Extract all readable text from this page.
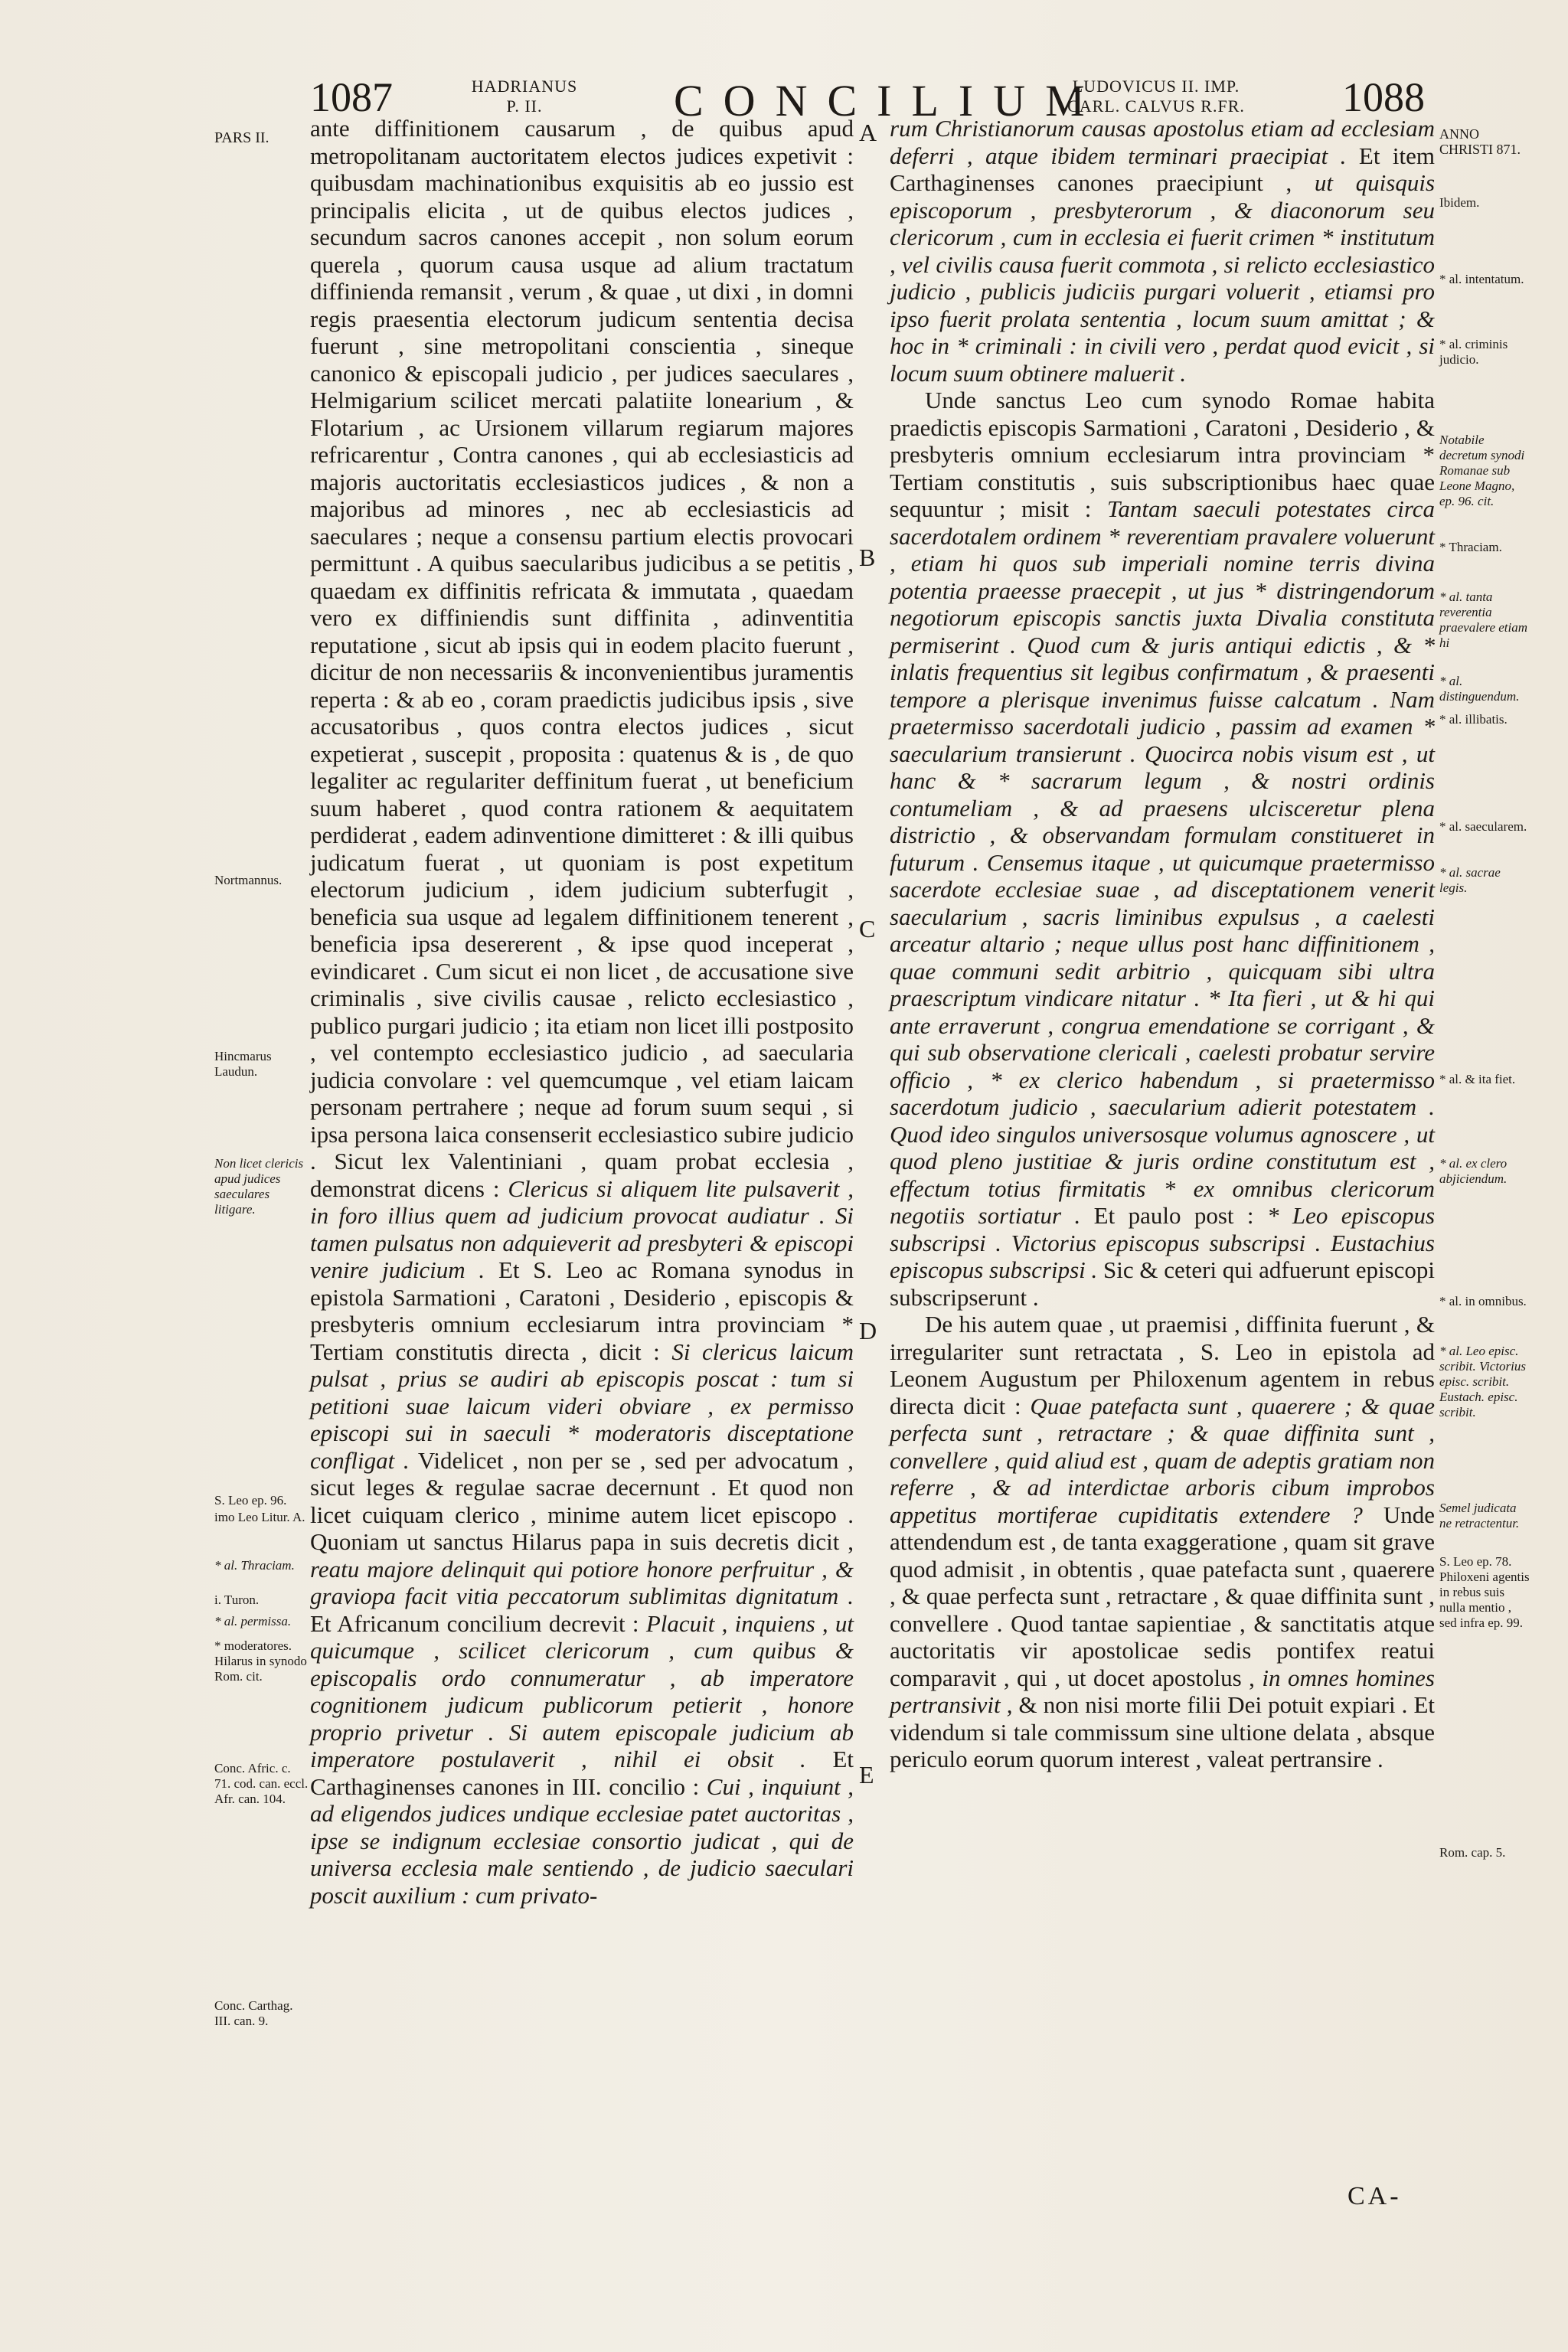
1087	HADRIANUS P. II.	CONCILIUM
LUDOVICUS II. IMP. CARL. CALVUS R.FR.	1088

ante diffinitionem causarum , de quibus apud metropolitanam auctoritatem electos judices expetivit : quibusdam machinationibus exquisitis ab eo jussio est principalis elicita , ut de quibus electos judices , secundum sacros canones accepit , non solum eorum querela , quorum causa usque ad alium tractatum diffinienda remansit , verum , & quae , ut dixi , in domni regis praesentia electorum judicum sententia decisa fuerunt , sine metropolitani conscientia , sineque canonico & episcopali judicio , per judices saeculares , Helmigarium scilicet mercati palatiite lonearium , & Flotarium , ac Ursionem villarum regiarum majores refricarentur , Contra canones , qui ab ecclesiasticis ad majoris auctoritatis ecclesiasticos judices , & non a majoribus ad minores , nec ab ecclesiasticis ad saeculares ; neque a consensu partium electis provocari permittunt . A quibus saecularibus judicibus a se petitis , quaedam ex diffinitis refricata & immutata , quaedam vero ex diffiniendis sunt diffinita , adinventitia reputatione , sicut ab ipsis qui in eodem placito fuerunt , dicitur de non necessariis & inconvenientibus juramentis reperta : & ab eo , coram praedictis judicibus ipsis , sive accusatoribus , quos contra electos judices , sicut expetierat , suscepit , proposita : quatenus & is , de quo legaliter ac regulariter deffinitum fuerat , ut beneficium suum haberet , quod contra rationem & aequitatem perdiderat , eadem adinventione dimitteret : & illi quibus judicatum fuerat , ut quoniam is post expetitum electorum judicium , idem judicium subterfugit , beneficia sua usque ad legalem diffinitionem tenerent , beneficia ipsa desererent , & ipse quod inceperat , evindicaret . Cum sicut ei non licet , de accusatione sive criminalis , sive civilis causae , relicto ecclesiastico , publico purgari judicio ; ita etiam non licet illi postposito , vel contempto ecclesiastico judicio , ad saecularia judicia convolare : vel quemcumque , vel etiam laicam personam pertrahere ; neque ad forum suum sequi , si ipsa persona laica consenserit ecclesiastico subire judicio . Sicut lex Valentiniani , quam probat ecclesia , demonstrat dicens : Clericus si aliquem lite pulsaverit , in foro illius quem ad judicium provocat audiatur . Si tamen pulsatus non adquieverit ad presbyteri & episcopi venire judicium . Et S. Leo ac Romana synodus in epistola Sarmationi , Caratoni , Desiderio , episcopis & presbyteris omnium ecclesiarum intra provinciam * Tertiam constitutis directa , dicit : Si clericus laicum pulsat , prius se audiri ab episcopis poscat : tum si petitioni suae laicum videri obviare , ex permisso episcopi sui in saeculi * moderatoris disceptatione confligat . Videlicet , non per se , sed per advocatum , sicut leges & regulae sacrae decernunt . Et quod non licet cuiquam clerico , minime autem licet episcopo . Quoniam ut sanctus Hilarus papa in suis decretis dicit , reatu majore delinquit qui potiore honore perfruitur , & gravioра facit vitia peccatorum sublimitas dignitatum . Et Africanum concilium decrevit : Placuit , inquiens , ut quicumque , scilicet clericorum , cum quibus & episcopalis ordo connumeratur , ab imperatore cognitionem judicum publicorum petierit , honore proprio privetur . Si autem episcopale judicium ab imperatore postulaverit , nihil ei obsit . Et Carthaginenses canones in III. concilio : Cui , inquiunt , ad eligendos judices undique ecclesiae patet auctoritas , ipse se indignum ecclesiae consortio judicat , qui de universa ecclesia male sentiendo , de judicio saeculari poscit auxilium : cum privato-

rum Christianorum causas apostolus etiam ad ecclesiam deferri , atque ibidem terminari praecipiat . Et item Carthaginenses canones praecipiunt , ut quisquis episcoporum , presbyterorum , & diaconorum seu clericorum , cum in ecclesia ei fuerit crimen * institutum , vel civilis causa fuerit commota , si relicto ecclesiastico judicio , publicis judiciis purgari voluerit , etiamsi pro ipso fuerit prolata sententia , locum suum amittat ; & hoc in * criminali : in civili vero , perdat quod evicit , si locum suum obtinere maluerit .

Unde sanctus Leo cum synodo Romae habita praedictis episcopis Sarmationi , Caratoni , Desiderio , & presbyteris omnium ecclesiarum intra provinciam * Tertiam constitutis , suis subscriptionibus haec quae sequuntur ; misit : Tantam saeculi potestates circa sacerdotalem ordinem * reverentiam pravalere voluerunt , etiam hi quos sub imperiali nomine terris divina potentia praeesse praecepit , ut jus * distringendorum negotiorum episcopis sanctis juxta Divalia constituta permiserint . Quod cum & juris antiqui edictis , & * inlatis frequentius sit legibus confirmatum , & praesenti tempore a plerisque invenimus fuisse calcatum . Nam praetermisso sacerdotali judicio , passim ad examen * saecularium transierunt . Quocirca nobis visum est , ut hanc & * sacrarum legum , & nostri ordinis contumeliam , & ad praesens ulcisceretur plena districtio , & observandam formulam constitueret in futurum . Censemus itaque , ut quicumque praetermisso sacerdote ecclesiae suae , ad disceptationem venerit saecularium , sacris liminibus expulsus , a caelesti arceatur altario ; neque ullus post hanc diffinitionem , quae communi sedit arbitrio , quicquam sibi ultra praescriptum vindicare nitatur . * Ita fieri , ut & hi qui ante erraverunt , congrua emendatione se corrigant , & qui sub observatione clericali , caelesti probatur servire officio , * ex clerico habendum , si praetermisso sacerdotum judicio , saecularium adierit potestatem . Quod ideo singulos universosque volumus agnoscere , ut quod pleno justitiae & juris ordine constitutum est , effectum totius firmitatis * ex omnibus clericorum negotiis sortiatur . Et paulo post : * Leo episcopus subscripsi . Victorius episcopus subscripsi . Eustachius episcopus subscripsi . Sic & ceteri qui adfuerunt episcopi subscripserunt .

De his autem quae , ut praemisi , diffinita fuerunt , & irregulariter sunt retractata , S. Leo in epistola ad Leonem Augustum per Philoxenum agentem in rebus directa dicit : Quae patefacta sunt , quaerere ; & quae perfecta sunt , retractare ; & quae diffinita sunt , convellere , quid aliud est , quam de adeptis gratiam non referre , & ad interdictae arboris cibum improbos appetitus mortiferae cupiditatis extendere ? Unde attendendum est , de tanta exaggeratione , quam sit grave quod admisit , in obtentis , quae patefacta sunt , quaerere , & quae perfecta sunt , retractare , & quae diffinita sunt , convellere . Quod tantae sapientiae , & sanctitatis atque auctoritatis vir apostolicae sedis pontifex reatui comparavit , qui , ut docet apostolus , in omnes homines pertransivit , & non nisi morte filii Dei potuit expiari . Et videndum si tale commissum sine ultione delata , absque periculo eorum quorum interest , valeat pertransire .

A
B
C
D
E
PARS II.
Nortmannus.
Hincmarus Laudun.
Non licet clericis apud judices saeculares litigare.
S. Leo ep. 96.
imo Leo Litur. A.
* al. Thraciam.
i. Turon.
* al. permissa.
* moderatores. Hilarus in synodo Rom. cit.
Conc. Afric. c. 71. cod. can. eccl. Afr. can. 104.
Conc. Carthag. III. can. 9.
ANNO CHRISTI 871.
Ibidem.
* al. intentatum.
* al. criminis judicio.
Notabile decretum synodi Romanae sub Leone Magno, ep. 96. cit.
* Thraciam.
* al. tanta reverentia praevalere etiam hi
* al. distinguendum.
* al. illibatis.
* al. saecularem.
* al. sacrae legis.
* al. & ita fiet.
* al. ex clero abjiciendum.
* al. in omnibus.
* al. Leo episc. scribit. Victorius episc. scribit. Eustach. episc. scribit.
Semel judicata ne retractentur.
S. Leo ep. 78. Philoxeni agentis in rebus suis nulla mentio , sed infra ep. 99.
Rom. cap. 5.
CA-
